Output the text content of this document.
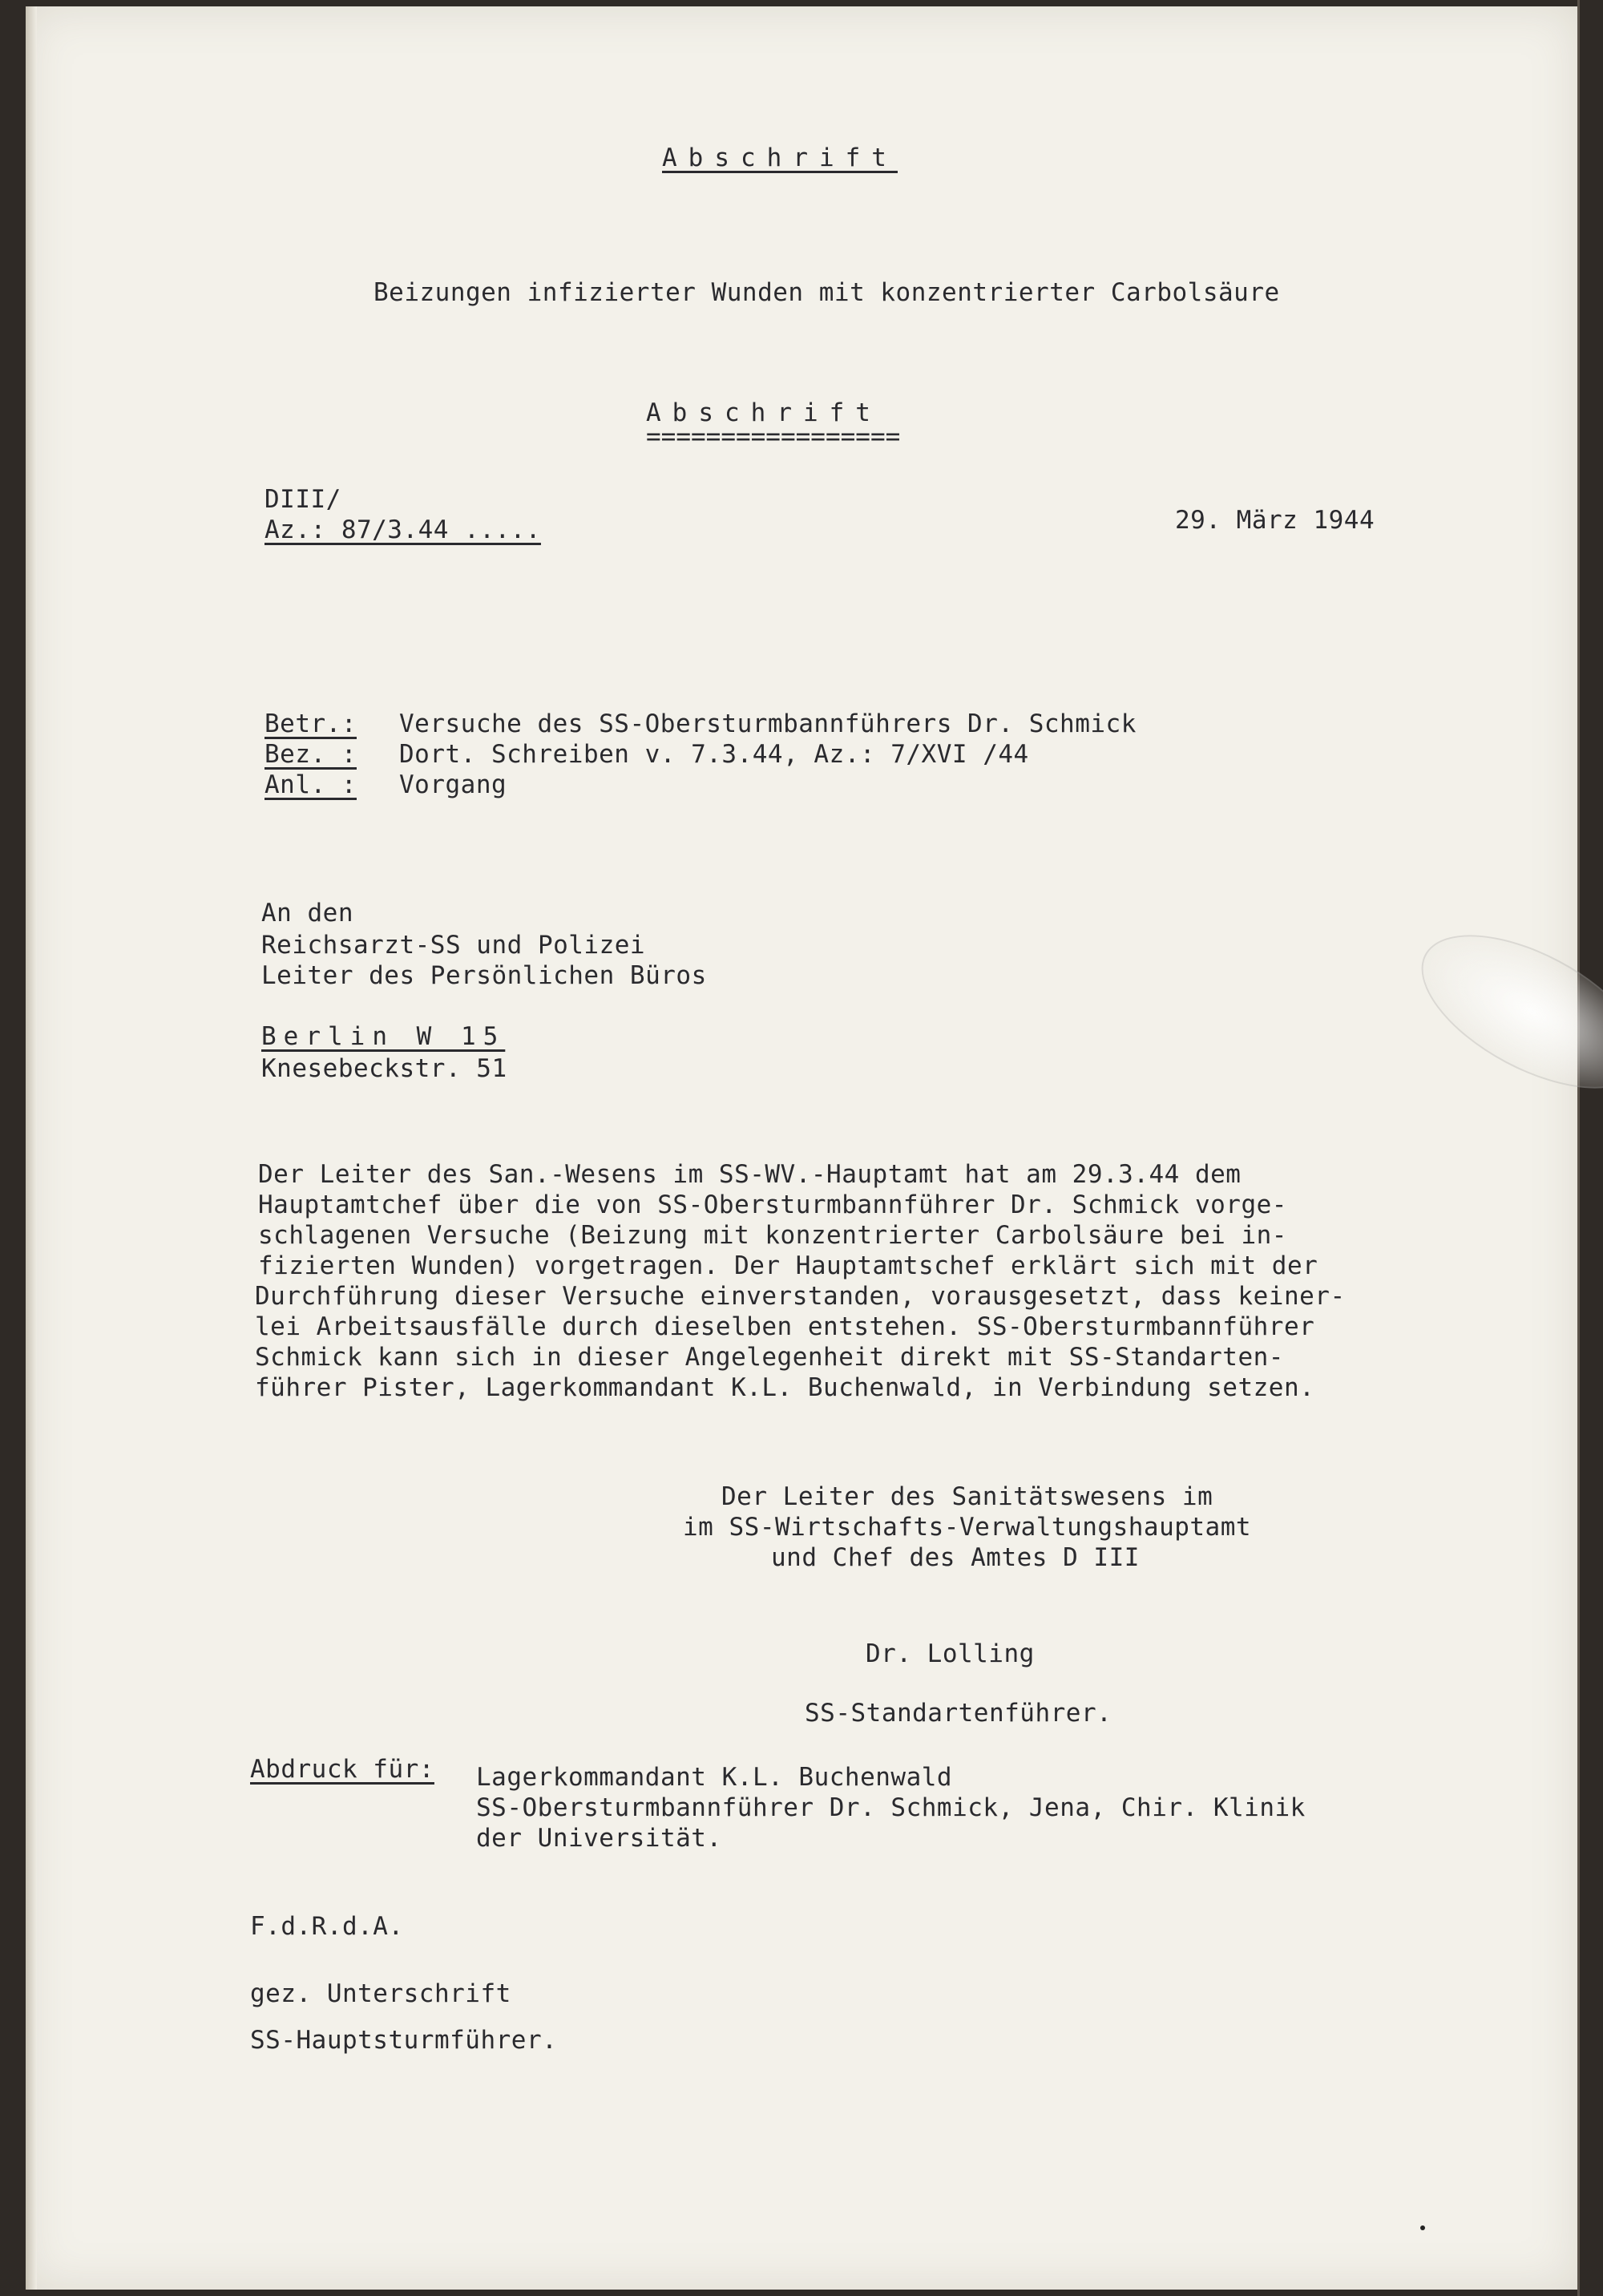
Abschrift
Beizungen infizierter Wunden mit konzentrierter Carbolsäure
Abschrift
=================
DIII/
Az.: 87/3.44 .....	29. März 1944
Betr.: Versuche des SS-Obersturmbannführers Dr. Schmick
Bez. : Dort. Schreiben v. 7.3.44, Az.: 7/XVI /44
Anl. : Vorgang
An den
Reichsarzt-SS und Polizei
Leiter des Persönlichen Büros
Berlin W 15
Knesebeckstr. 51
Der Leiter des San.-Wesens im SS-WV.-Hauptamt hat am 29.3.44 dem
Hauptamtchef über die von SS-Obersturmbannführer Dr. Schmick vorge-
schlagenen Versuche (Beizung mit konzentrierter Carbolsäure bei in-
fizierten Wunden) vorgetragen. Der Hauptamtschef erklärt sich mit der
Durchführung dieser Versuche einverstanden, vorausgesetzt, dass keiner-
lei Arbeitsausfälle durch dieselben entstehen. SS-Obersturmbannführer
Schmick kann sich in dieser Angelegenheit direkt mit SS-Standarten-
führer Pister, Lagerkommandant K.L. Buchenwald, in Verbindung setzen.
Der Leiter des Sanitätswesens im
im SS-Wirtschafts-Verwaltungshauptamt
und Chef des Amtes D III
Dr. Lolling
SS-Standartenführer.
Abdruck für: Lagerkommandant K.L. Buchenwald
SS-Obersturmbannführer Dr. Schmick, Jena, Chir. Klinik
der Universität.
F.d.R.d.A.
gez. Unterschrift
SS-Hauptsturmführer.
